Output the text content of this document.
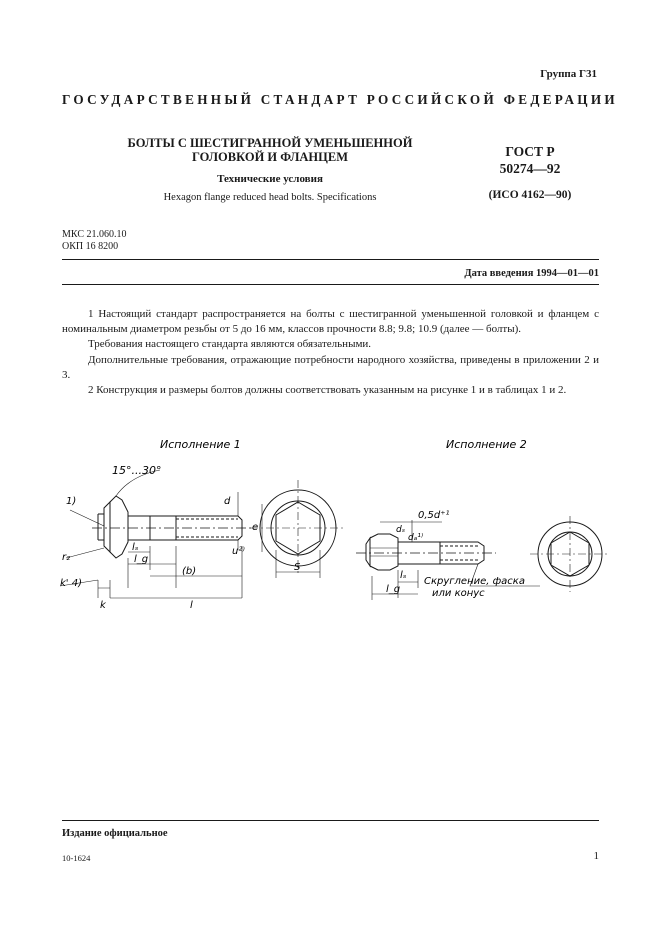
Группа Г31
ГОСУДАРСТВЕННЫЙ СТАНДАРТ РОССИЙСКОЙ ФЕДЕРАЦИИ
БОЛТЫ С ШЕСТИГРАННОЙ УМЕНЬШЕННОЙ
ГОЛОВКОЙ И ФЛАНЦЕМ
Технические условия
Hexagon flange reduced head bolts. Specifications
ГОСТ Р
50274—92
(ИСО 4162—90)
МКС 21.060.10
ОКП 16 8200
Дата введения 1994—01—01

1 Настоящий стандарт распространяется на болты с шестигранной уменьшенной головкой и фланцем с номинальным диаметром резьбы от 5 до 16 мм, классов прочности 8.8; 9.8; 10.9 (далее — болты).

Требования настоящего стандарта являются обязательными.

Дополнительные требования, отражающие потребности народного хозяйства, приведены в приложении 2 и 3.

2 Конструкция и размеры болтов должны соответствовать указанным на рисунке 1 и в таблицах 1 и 2.

Исполнение 1	Исполнение 2
15°...30°
1)
r₂
k' 4)
k
lₛ
l_g
(b)
l
d
e
u²⁾
S
dₛ
dₐ¹⁾
0,5d⁺¹
lₛ
l_g
Скругление, фаска
или конус
Издание официальное
10-1624	1
